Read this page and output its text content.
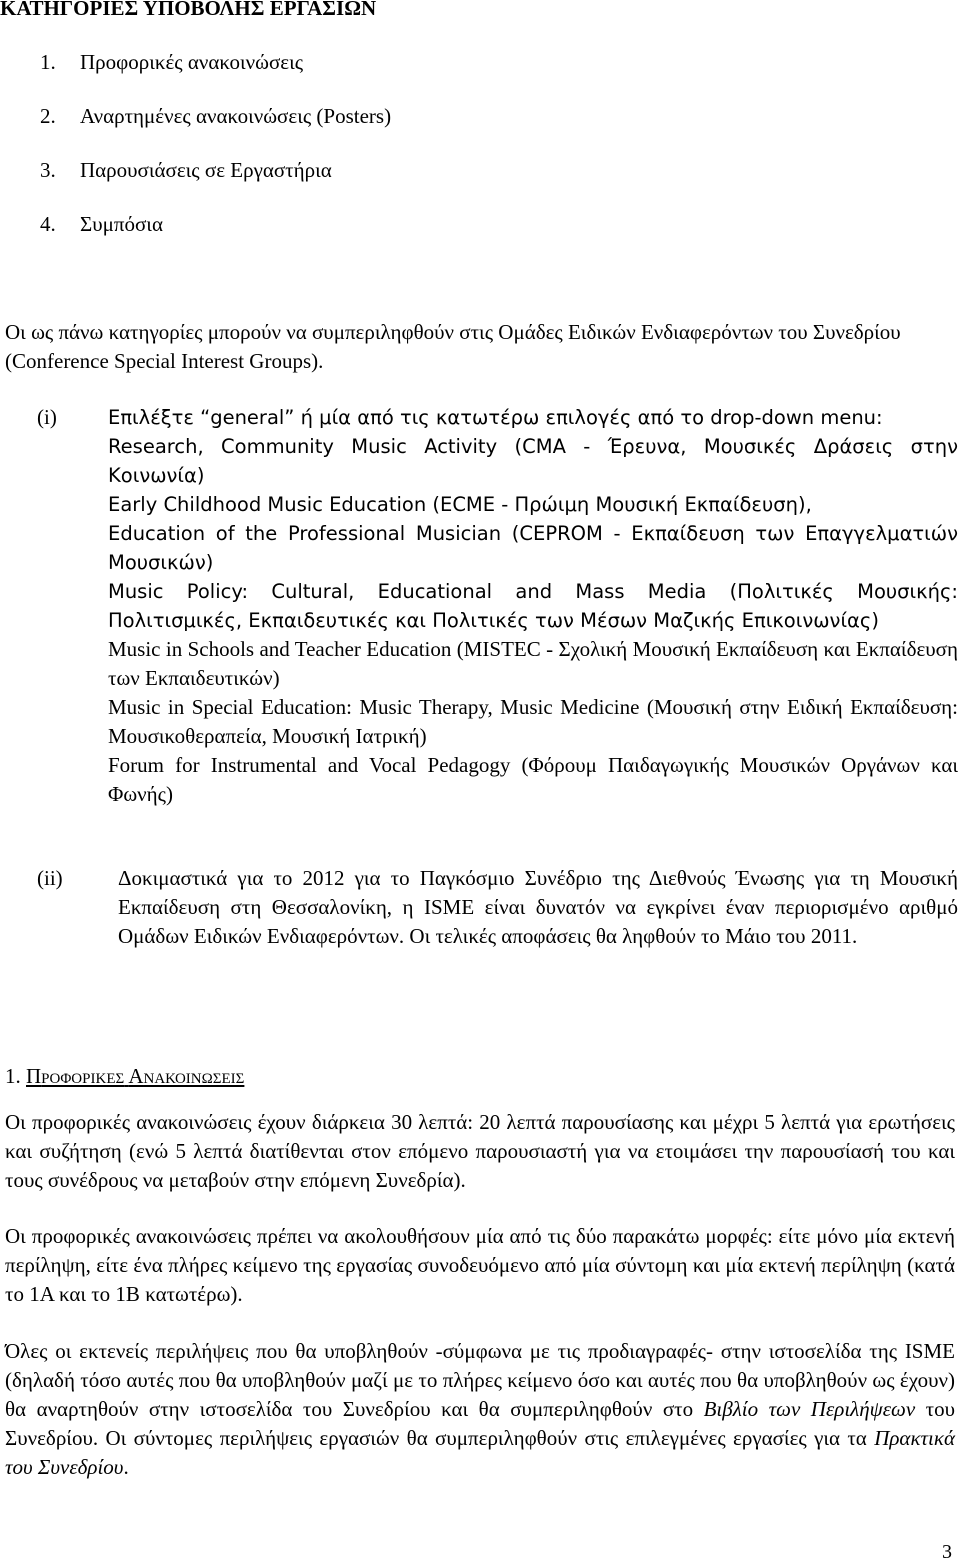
ΚΑΤΗΓΟΡΙΕΣ ΥΠΟΒΟΛΗΣ ΕΡΓΑΣΙΩΝ
1. Προφορικές ανακοινώσεις
2. Αναρτημένες ανακοινώσεις (Posters)
3. Παρουσιάσεις σε Εργαστήρια
4. Συμπόσια
Οι ως πάνω κατηγορίες μπορούν να συμπεριληφθούν στις Ομάδες Ειδικών Ενδιαφερόντων του Συνεδρίου (Conference Special Interest Groups).
(i)	Επιλέξτε “general” ή μία από τις κατωτέρω επιλογές από το drop-down menu:
Research, Community Music Activity (CMA - Έρευνα, Μουσικές Δράσεις στην Κοινωνία)
Early Childhood Music Education (ECME - Πρώιμη Μουσική Εκπαίδευση),
Education of the Professional Musician (CEPROM - Εκπαίδευση των Επαγγελματιών Μουσικών)
Music Policy: Cultural, Educational and Mass Media (Πολιτικές Μουσικής: Πολιτισμικές, Εκπαιδευτικές και Πολιτικές των Μέσων Μαζικής Επικοινωνίας)
Music in Schools and Teacher Education (MISTEC - Σχολική Μουσική Εκπαίδευση και Εκπαίδευση των Εκπαιδευτικών)
Music in Special Education: Music Therapy, Music Medicine (Μουσική στην Ειδική Εκπαίδευση: Μουσικοθεραπεία, Μουσική Ιατρική)
Forum for Instrumental and Vocal Pedagogy (Φόρουμ Παιδαγωγικής Μουσικών Οργάνων και Φωνής)
(ii)	Δοκιμαστικά για το 2012 για το Παγκόσμιο Συνέδριο της Διεθνούς Ένωσης για τη Μουσική Εκπαίδευση στη Θεσσαλονίκη, η ISME είναι δυνατόν να εγκρίνει έναν περιορισμένο αριθμό Ομάδων Ειδικών Ενδιαφερόντων. Οι τελικές αποφάσεις θα ληφθούν το Μάιο του 2011.
1. ΠΡΟΦΟΡΙΚΕΣ ΑΝΑΚΟΙΝΩΣΕΙΣ
Οι προφορικές ανακοινώσεις έχουν διάρκεια 30 λεπτά: 20 λεπτά παρουσίασης και μέχρι 5 λεπτά για ερωτήσεις και συζήτηση (ενώ 5 λεπτά διατίθενται στον επόμενο παρουσιαστή για να ετοιμάσει την παρουσίασή του και τους συνέδρους να μεταβούν στην επόμενη Συνεδρία).
Οι προφορικές ανακοινώσεις πρέπει να ακολουθήσουν μία από τις δύο παρακάτω μορφές: είτε μόνο μία εκτενή περίληψη, είτε ένα πλήρες κείμενο της εργασίας συνοδευόμενο από μία σύντομη και μία εκτενή περίληψη (κατά το 1Α και το 1Β κατωτέρω).
Όλες οι εκτενείς περιλήψεις που θα υποβληθούν -σύμφωνα με τις προδιαγραφές- στην ιστοσελίδα της ISME (δηλαδή τόσο αυτές που θα υποβληθούν μαζί με το πλήρες κείμενο όσο και αυτές που θα υποβληθούν ως έχουν) θα αναρτηθούν στην ιστοσελίδα του Συνεδρίου και θα συμπεριληφθούν στο Βιβλίο των Περιλήψεων του Συνεδρίου. Οι σύντομες περιλήψεις εργασιών θα συμπεριληφθούν στις επιλεγμένες εργασίες για τα Πρακτικά του Συνεδρίου.
3
